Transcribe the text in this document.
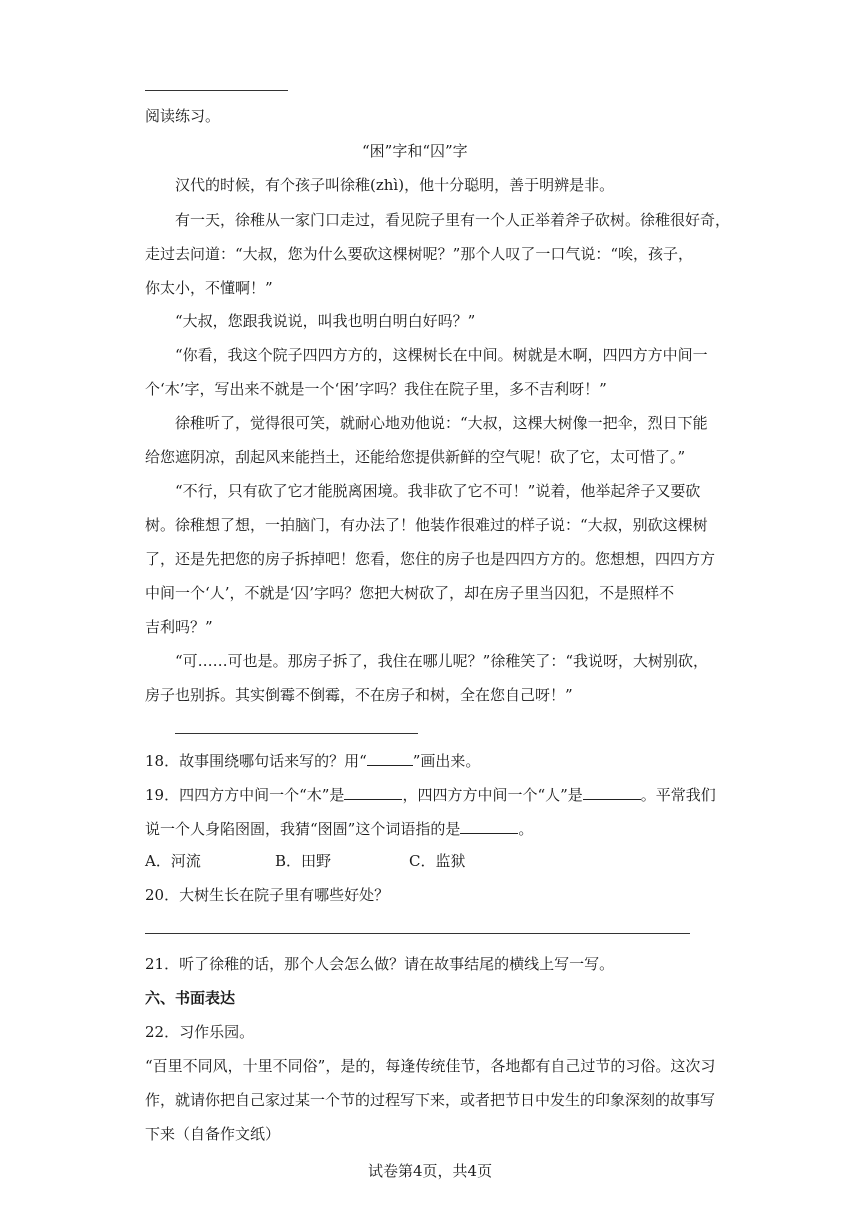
阅读练习。
“困”字和“囚”字
汉代的时候，有个孩子叫徐稚(zhì)，他十分聪明，善于明辨是非。
有一天，徐稚从一家门口走过，看见院子里有一个人正举着斧子砍树。徐稚很好奇，
走过去问道：“大叔，您为什么要砍这棵树呢？”那个人叹了一口气说：“唉，孩子，
你太小，不懂啊！”
“大叔，您跟我说说，叫我也明白明白好吗？”
“你看，我这个院子四四方方的，这棵树长在中间。树就是木啊，四四方方中间一
个‘木’字，写出来不就是一个‘困’字吗？我住在院子里，多不吉利呀！”
徐稚听了，觉得很可笑，就耐心地劝他说：“大叔，这棵大树像一把伞，烈日下能
给您遮阴凉，刮起风来能挡土，还能给您提供新鲜的空气呢！砍了它，太可惜了。”
“不行，只有砍了它才能脱离困境。我非砍了它不可！”说着，他举起斧子又要砍
树。徐稚想了想，一拍脑门，有办法了！他装作很难过的样子说：“大叔，别砍这棵树
了，还是先把您的房子拆掉吧！您看，您住的房子也是四四方方的。您想想，四四方方
中间一个‘人’，不就是‘囚’字吗？您把大树砍了，却在房子里当囚犯，不是照样不
吉利吗？”
“可……可也是。那房子拆了，我住在哪儿呢？”徐稚笑了：“我说呀，大树别砍，
房子也别拆。其实倒霉不倒霉，不在房子和树，全在您自己呀！”
18．故事围绕哪句话来写的？用“	”画出来。
19．四四方方中间一个“木”是	，四四方方中间一个“人”是	。平常我们
说一个人身陷囹圄，我猜“囹圄”这个词语指的是	。
A．河流	B．田野	C．监狱
20．大树生长在院子里有哪些好处？
21．听了徐稚的话，那个人会怎么做？请在故事结尾的横线上写一写。
六、书面表达
22．习作乐园。
“百里不同风，十里不同俗”，是的，每逢传统佳节，各地都有自己过节的习俗。这次习
作，就请你把自己家过某一个节的过程写下来，或者把节日中发生的印象深刻的故事写
下来（自备作文纸）
试卷第4页，共4页
